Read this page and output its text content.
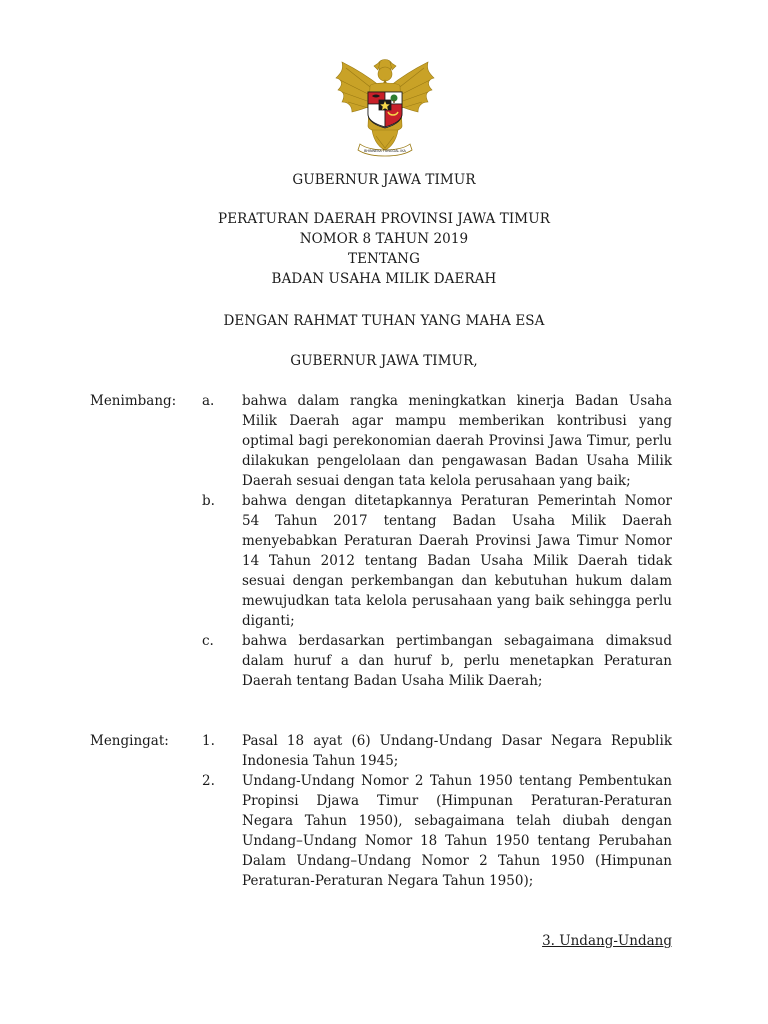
BHINNEKA TUNGGAL IKA
GUBERNUR JAWA TIMUR
PERATURAN DAERAH PROVINSI JAWA TIMUR
NOMOR 8 TAHUN 2019
TENTANG
BADAN USAHA MILIK DAERAH
DENGAN RAHMAT TUHAN YANG MAHA ESA
GUBERNUR JAWA TIMUR,
Menimbang:	a.	bahwa dalam rangka meningkatkan kinerja Badan Usaha Milik Daerah agar mampu memberikan kontribusi yang optimal bagi perekonomian daerah Provinsi Jawa Timur, perlu dilakukan pengelolaan dan pengawasan Badan Usaha Milik Daerah sesuai dengan tata kelola perusahaan yang baik;
b.	bahwa dengan ditetapkannya Peraturan Pemerintah Nomor 54 Tahun 2017 tentang Badan Usaha Milik Daerah menyebabkan Peraturan Daerah Provinsi Jawa Timur Nomor 14 Tahun 2012 tentang Badan Usaha Milik Daerah tidak sesuai dengan perkembangan dan kebutuhan hukum dalam mewujudkan tata kelola perusahaan yang baik sehingga perlu diganti;
c.	bahwa berdasarkan pertimbangan sebagaimana dimaksud dalam huruf a dan huruf b, perlu menetapkan Peraturan Daerah tentang Badan Usaha Milik Daerah;
Mengingat:	1.	Pasal 18 ayat (6) Undang-Undang Dasar Negara Republik Indonesia Tahun 1945;
2.	Undang-Undang Nomor 2 Tahun 1950 tentang Pembentukan Propinsi Djawa Timur (Himpunan Peraturan-Peraturan Negara Tahun 1950), sebagaimana telah diubah dengan Undang–Undang Nomor 18 Tahun 1950 tentang Perubahan Dalam Undang–Undang Nomor 2 Tahun 1950 (Himpunan Peraturan-Peraturan Negara Tahun 1950);
3. Undang-Undang
